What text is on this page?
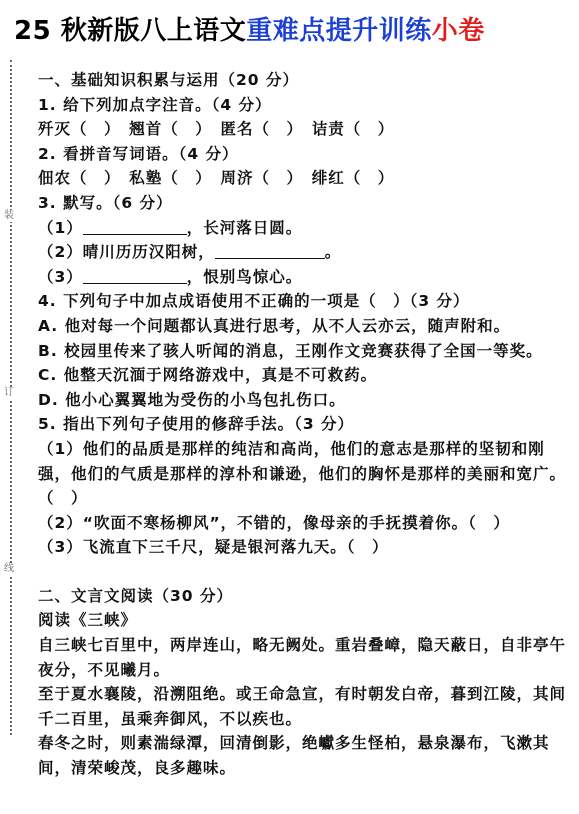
25 秋新版八上语文重难点提升训练小卷
装
订
线
一、基础知识积累与运用（20 分）
1. 给下列加点字注音。（4 分）
歼灭（　）　翘首（　）　匿名（　）　诘责（　）
2. 看拼音写词语。（4 分）
佃农（　）　私塾（　）　周济（　）　绯红（　）
3. 默写。（6 分）
（1）	，长河落日圆。
（2）晴川历历汉阳树，	。
（3）	，恨别鸟惊心。
4. 下列句子中加点成语使用不正确的一项是（　）（3 分）
A. 他对每一个问题都认真进行思考，从不人云亦云，随声附和。
B. 校园里传来了骇人听闻的消息，王刚作文竞赛获得了全国一等奖。
C. 他整天沉湎于网络游戏中，真是不可救药。
D. 他小心翼翼地为受伤的小鸟包扎伤口。
5. 指出下列句子使用的修辞手法。（3 分）
（1）他们的品质是那样的纯洁和高尚，他们的意志是那样的坚韧和刚强，他们的气质是那样的淳朴和谦逊，他们的胸怀是那样的美丽和宽广。（　）
（2）“吹面不寒杨柳风”，不错的，像母亲的手抚摸着你。（　）
（3）飞流直下三千尺，疑是银河落九天。（　）
二、文言文阅读（30 分）
阅读《三峡》
自三峡七百里中，两岸连山，略无阙处。重岩叠嶂，隐天蔽日，自非亭午夜分，不见曦月。
至于夏水襄陵，沿溯阻绝。或王命急宣，有时朝发白帝，暮到江陵，其间千二百里，虽乘奔御风，不以疾也。
春冬之时，则素湍绿潭，回清倒影，绝巘多生怪柏，悬泉瀑布，飞漱其间，清荣峻茂，良多趣味。
